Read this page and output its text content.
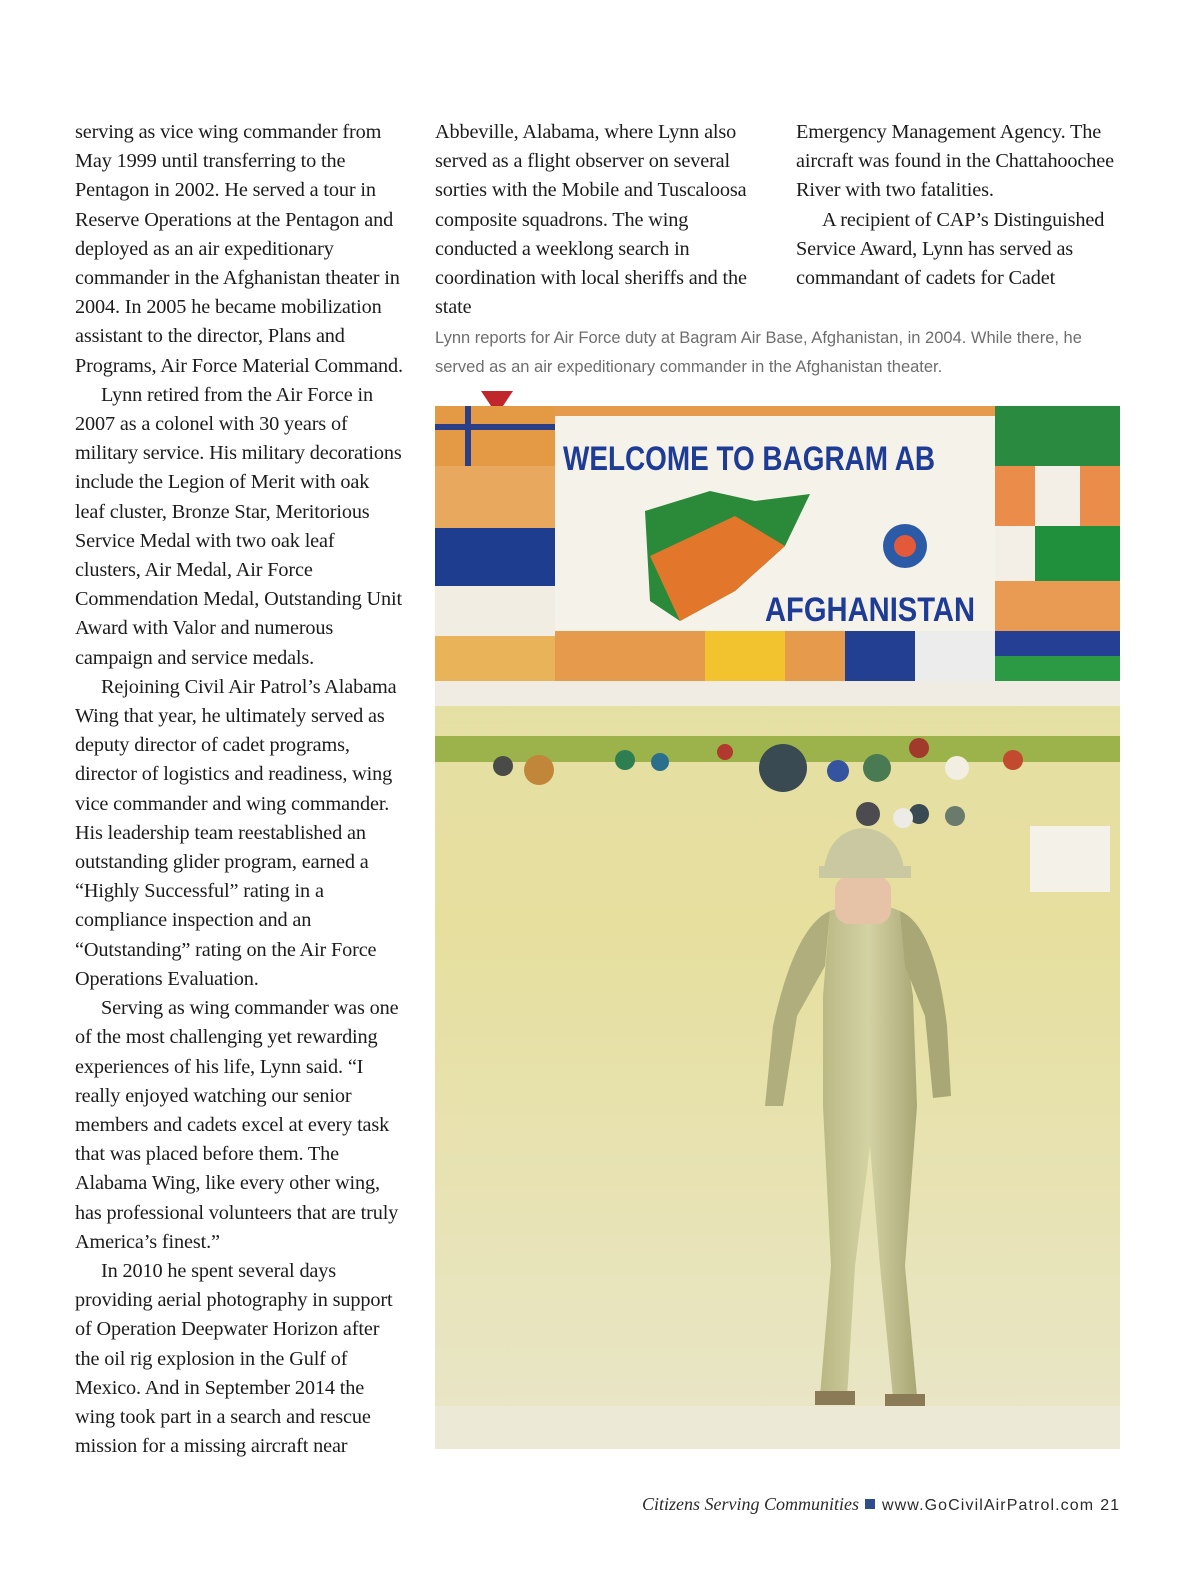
serving as vice wing commander from May 1999 until transferring to the Pentagon in 2002. He served a tour in Reserve Operations at the Pentagon and deployed as an air expeditionary commander in the Afghanistan theater in 2004. In 2005 he became mobilization assistant to the director, Plans and Programs, Air Force Material Command.

Lynn retired from the Air Force in 2007 as a colonel with 30 years of military service. His military decorations include the Legion of Merit with oak leaf cluster, Bronze Star, Meritorious Service Medal with two oak leaf clusters, Air Medal, Air Force Commendation Medal, Outstanding Unit Award with Valor and numerous campaign and service medals.

Rejoining Civil Air Patrol’s Alabama Wing that year, he ultimately served as deputy director of cadet programs, director of logistics and readiness, wing vice commander and wing commander. His leadership team reestablished an outstanding glider program, earned a “Highly Successful” rating in a compliance inspection and an “Outstanding” rating on the Air Force Operations Evaluation.

Serving as wing commander was one of the most challenging yet rewarding experiences of his life, Lynn said. “I really enjoyed watching our senior members and cadets excel at every task that was placed before them. The Alabama Wing, like every other wing, has professional volunteers that are truly America’s finest.”

In 2010 he spent several days providing aerial photography in support of Operation Deepwater Horizon after the oil rig explosion in the Gulf of Mexico. And in September 2014 the wing took part in a search and rescue mission for a missing aircraft near

Abbeville, Alabama, where Lynn also served as a flight observer on several sorties with the Mobile and Tuscaloosa composite squadrons. The wing conducted a weeklong search in coordination with local sheriffs and the state

Emergency Management Agency. The aircraft was found in the Chattahoochee River with two fatalities.

A recipient of CAP’s Distinguished Service Award, Lynn has served as commandant of cadets for Cadet

Lynn reports for Air Force duty at Bagram Air Base, Afghanistan, in 2004. While there, he served as an air expeditionary commander in the Afghanistan theater.

WELCOME TO BAGRAM AB
AFGHANISTAN
Citizens Serving Communities www.GoCivilAirPatrol.com 21
